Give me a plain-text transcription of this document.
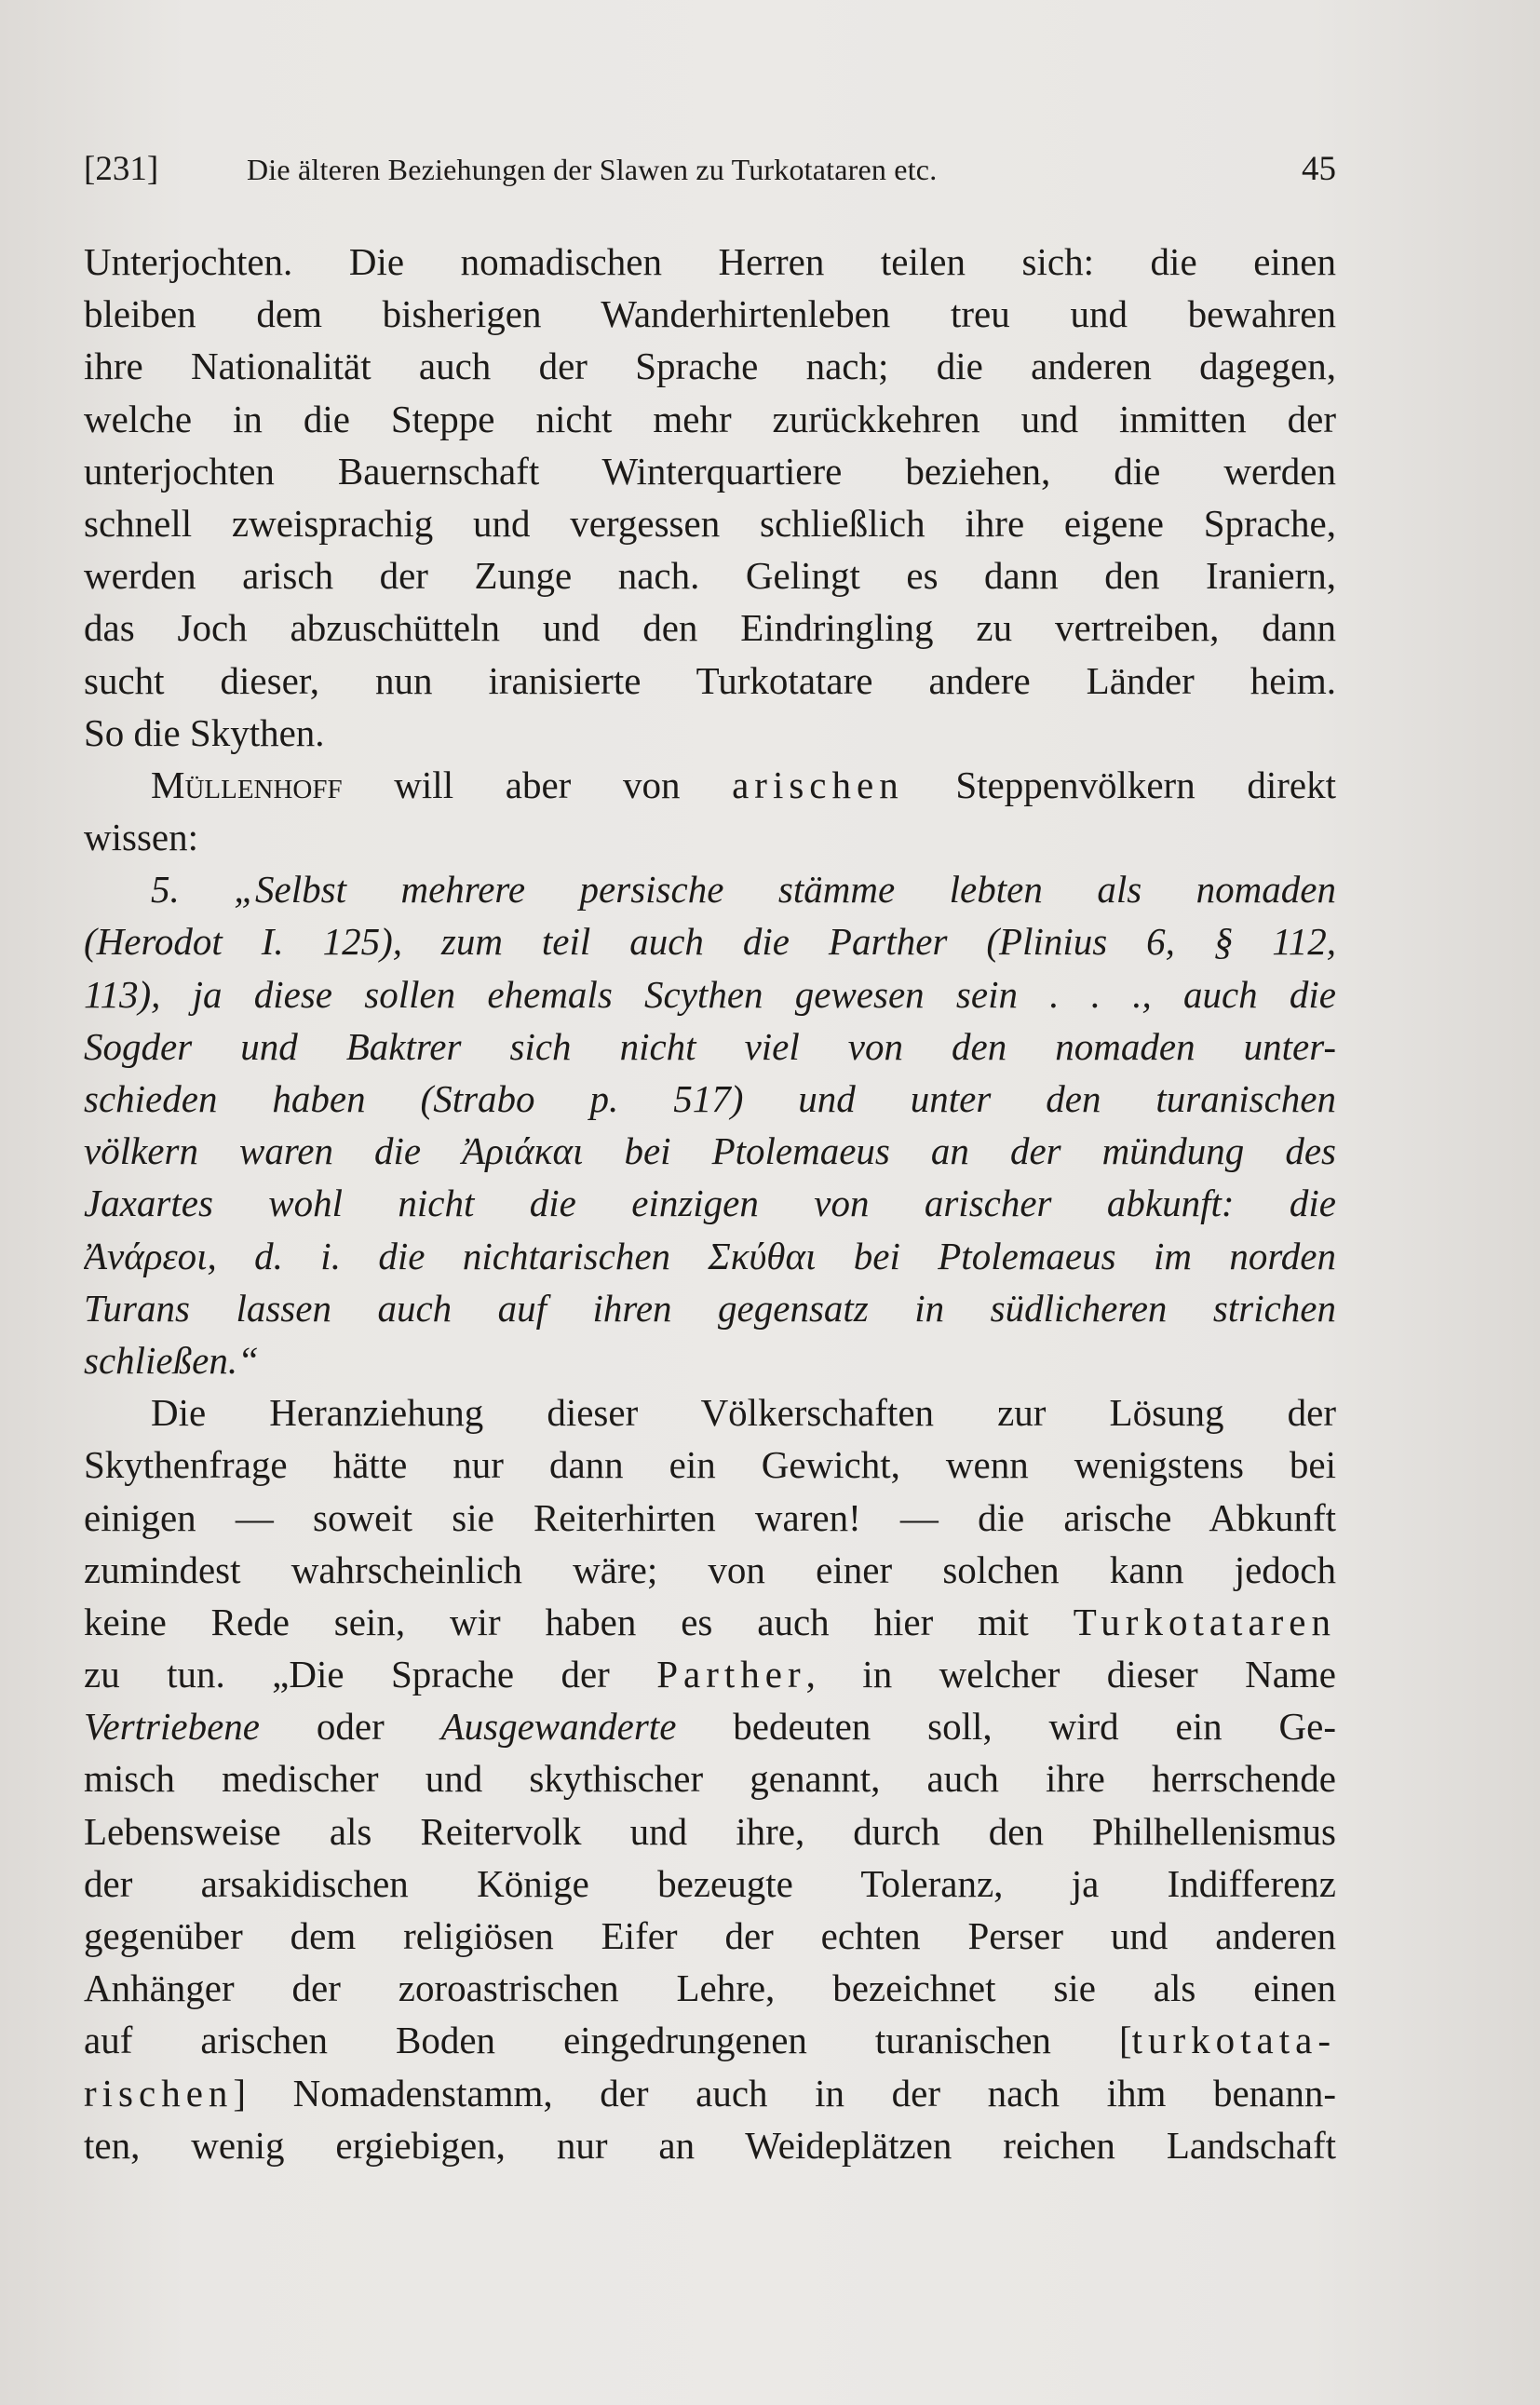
[231]	Die älteren Beziehungen der Slawen zu Turkotataren etc.	45
Unterjochten. Die nomadischen Herren teilen sich: die einen
bleiben dem bisherigen Wanderhirtenleben treu und bewahren
ihre Nationalität auch der Sprache nach; die anderen dagegen,
welche in die Steppe nicht mehr zurückkehren und inmitten der
unterjochten Bauernschaft Winterquartiere beziehen, die werden
schnell zweisprachig und vergessen schließlich ihre eigene Sprache,
werden arisch der Zunge nach. Gelingt es dann den Iraniern,
das Joch abzuschütteln und den Eindringling zu vertreiben, dann
sucht dieser, nun iranisierte Turkotatare andere Länder heim.
So die Skythen.
Müllenhoff will aber von arischen Steppenvölkern direkt
wissen:
5. „Selbst mehrere persische stämme lebten als nomaden
(Herodot I. 125), zum teil auch die Parther (Plinius 6, § 112,
113), ja diese sollen ehemals Scythen gewesen sein . . ., auch die
Sogder und Baktrer sich nicht viel von den nomaden unter-
schieden haben (Strabo p. 517) und unter den turanischen
völkern waren die Ἀριάκαι bei Ptolemaeus an der mündung des
Jaxartes wohl nicht die einzigen von arischer abkunft: die
Ἀνάρεοι, d. i. die nichtarischen Σκύθαι bei Ptolemaeus im norden
Turans lassen auch auf ihren gegensatz in südlicheren strichen
schließen.“
Die Heranziehung dieser Völkerschaften zur Lösung der
Skythenfrage hätte nur dann ein Gewicht, wenn wenigstens bei
einigen — soweit sie Reiterhirten waren! — die arische Abkunft
zumindest wahrscheinlich wäre; von einer solchen kann jedoch
keine Rede sein, wir haben es auch hier mit Turkotataren
zu tun. „Die Sprache der Parther, in welcher dieser Name
Vertriebene oder Ausgewanderte bedeuten soll, wird ein Ge-
misch medischer und skythischer genannt, auch ihre herrschende
Lebensweise als Reitervolk und ihre, durch den Philhellenismus
der arsakidischen Könige bezeugte Toleranz, ja Indifferenz
gegenüber dem religiösen Eifer der echten Perser und anderen
Anhänger der zoroastrischen Lehre, bezeichnet sie als einen
auf arischen Boden eingedrungenen turanischen [turkotata-
rischen] Nomadenstamm, der auch in der nach ihm benann-
ten, wenig ergiebigen, nur an Weideplätzen reichen Landschaft
